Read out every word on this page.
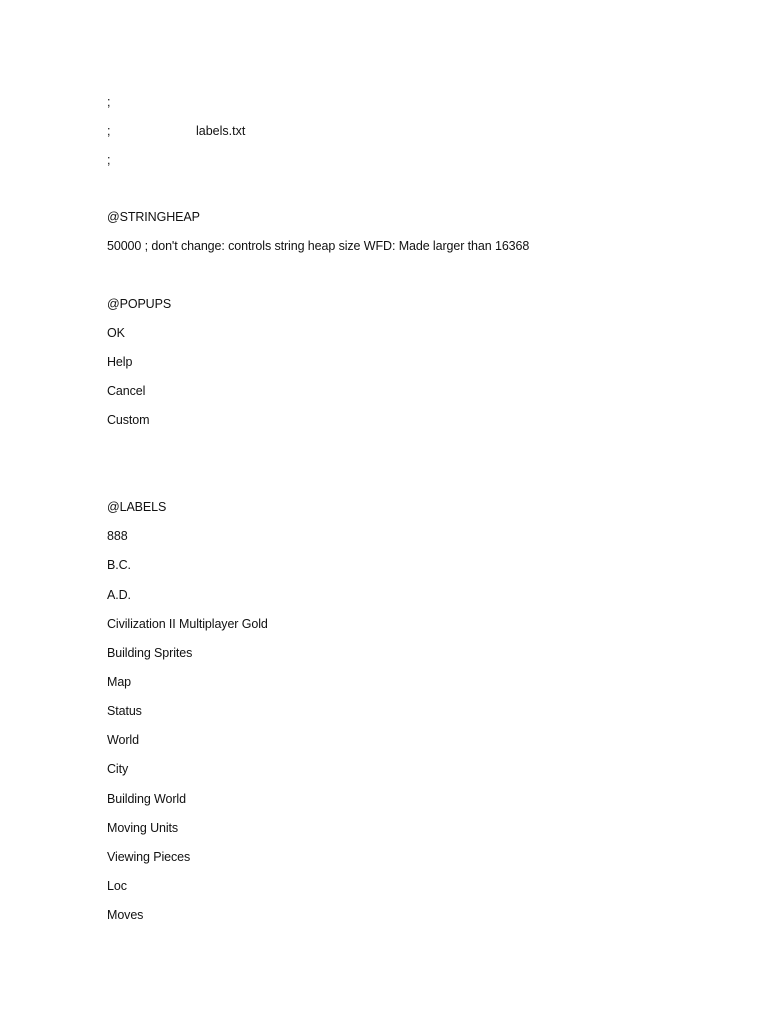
;
;	labels.txt
;
@STRINGHEAP
50000 ; don't change: controls string heap size WFD: Made larger than 16368
@POPUPS
OK
Help
Cancel
Custom
@LABELS
888
B.C.
A.D.
Civilization II Multiplayer Gold
Building Sprites
Map
Status
World
City
Building World
Moving Units
Viewing Pieces
Loc
Moves
